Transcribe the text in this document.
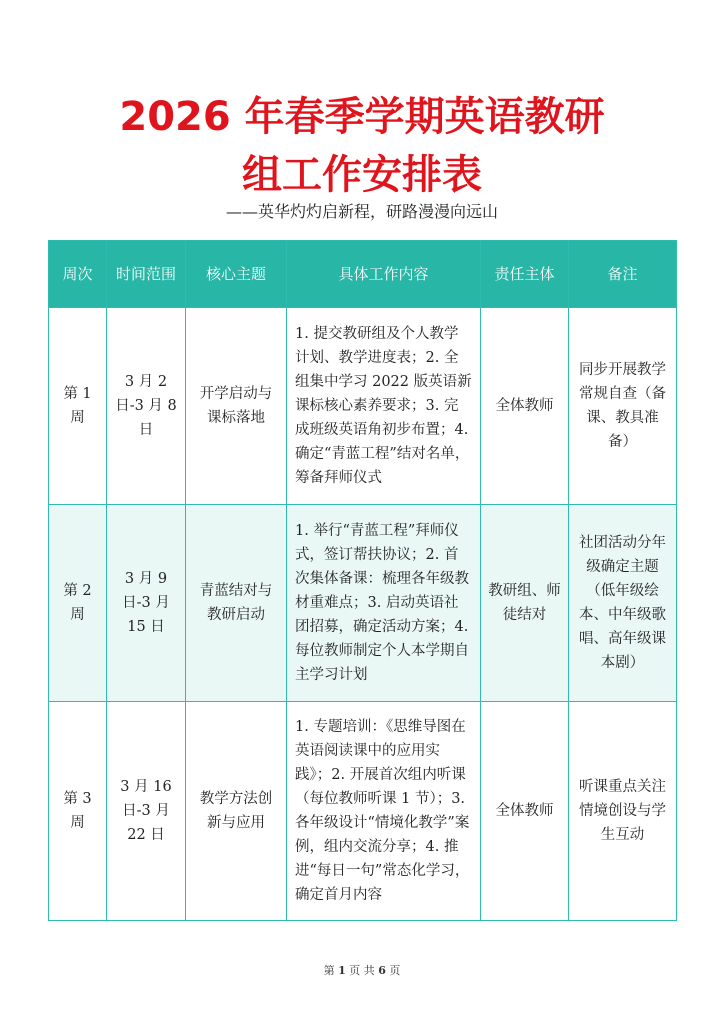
2026 年春季学期英语教研
组工作安排表
——英华灼灼启新程，研路漫漫向远山
周次	时间范围	核心主题	具体工作内容	责任主体	备注
第 1 周	3 月 2 日-3 月 8 日	开学启动与课标落地	1. 提交教研组及个人教学计划、教学进度表；2. 全组集中学习 2022 版英语新课标核心素养要求；3. 完成班级英语角初步布置；4. 确定“青蓝工程”结对名单，筹备拜师仪式	全体教师	同步开展教学常规自查（备课、教具准备）
第 2 周	3 月 9 日-3 月 15 日	青蓝结对与教研启动	1. 举行“青蓝工程”拜师仪式，签订帮扶协议；2. 首次集体备课：梳理各年级教材重难点；3. 启动英语社团招募，确定活动方案；4. 每位教师制定个人本学期自主学习计划	教研组、师徒结对	社团活动分年级确定主题（低年级绘本、中年级歌唱、高年级课本剧）
第 3 周	3 月 16 日-3 月 22 日	教学方法创新与应用	1. 专题培训：《思维导图在英语阅读课中的应用实践》；2. 开展首次组内听课（每位教师听课 1 节）；3. 各年级设计“情境化教学”案例，组内交流分享；4. 推进“每日一句”常态化学习，确定首月内容	全体教师	听课重点关注情境创设与学生互动
第 1 页 共 6 页
